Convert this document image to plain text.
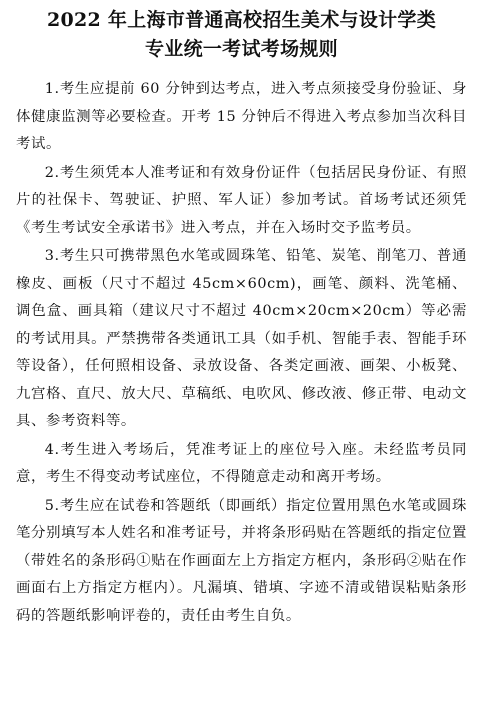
2022 年上海市普通高校招生美术与设计学类
专业统一考试考场规则

1.考生应提前 60 分钟到达考点，进入考点须接受身份验证、身体健康监测等必要检查。开考 15 分钟后不得进入考点参加当次科目考试。

2.考生须凭本人准考证和有效身份证件（包括居民身份证、有照片的社保卡、驾驶证、护照、军人证）参加考试。首场考试还须凭《考生考试安全承诺书》进入考点，并在入场时交予监考员。

3.考生只可携带黑色水笔或圆珠笔、铅笔、炭笔、削笔刀、普通橡皮、画板（尺寸不超过 45cm×60cm)，画笔、颜料、洗笔桶、调色盒、画具箱（建议尺寸不超过 40cm×20cm×20cm）等必需的考试用具。严禁携带各类通讯工具（如手机、智能手表、智能手环等设备），任何照相设备、录放设备、各类定画液、画架、小板凳、九宫格、直尺、放大尺、草稿纸、电吹风、修改液、修正带、电动文具、参考资料等。

4.考生进入考场后，凭准考证上的座位号入座。未经监考员同意，考生不得变动考试座位，不得随意走动和离开考场。

5.考生应在试卷和答题纸（即画纸）指定位置用黑色水笔或圆珠笔分别填写本人姓名和准考证号，并将条形码贴在答题纸的指定位置（带姓名的条形码①贴在作画面左上方指定方框内，条形码②贴在作画面右上方指定方框内）。凡漏填、错填、字迹不清或错误粘贴条形码的答题纸影响评卷的，责任由考生自负。
